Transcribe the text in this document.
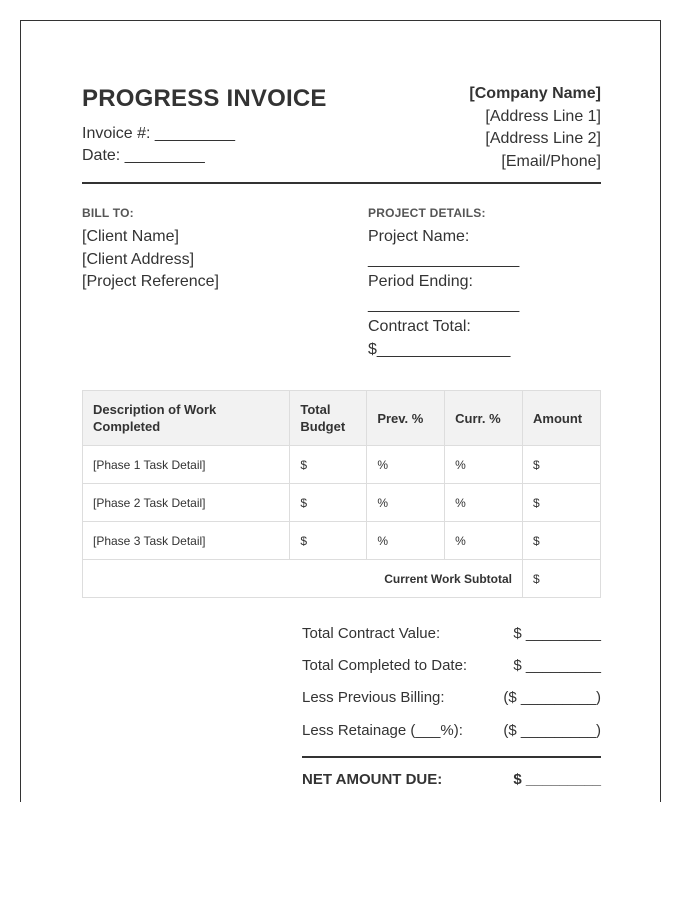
PROGRESS INVOICE
Invoice #: _________
Date: _________
[Company Name]
[Address Line 1]
[Address Line 2]
[Email/Phone]
BILL TO:
[Client Name]
[Client Address]
[Project Reference]
PROJECT DETAILS:
Project Name:
_________________
Period Ending:
_________________
Contract Total:
$_______________
Description of Work Completed	Total Budget	Prev. %	Curr. %	Amount
[Phase 1 Task Detail]	$	%	%	$
[Phase 2 Task Detail]	$	%	%	$
[Phase 3 Task Detail]	$	%	%	$
Current Work Subtotal				$
Total Contract Value:	$ _________
Total Completed to Date:	$ _________
Less Previous Billing:	($ _________)
Less Retainage (___%):	($ _________)
NET AMOUNT DUE:	$ _________
